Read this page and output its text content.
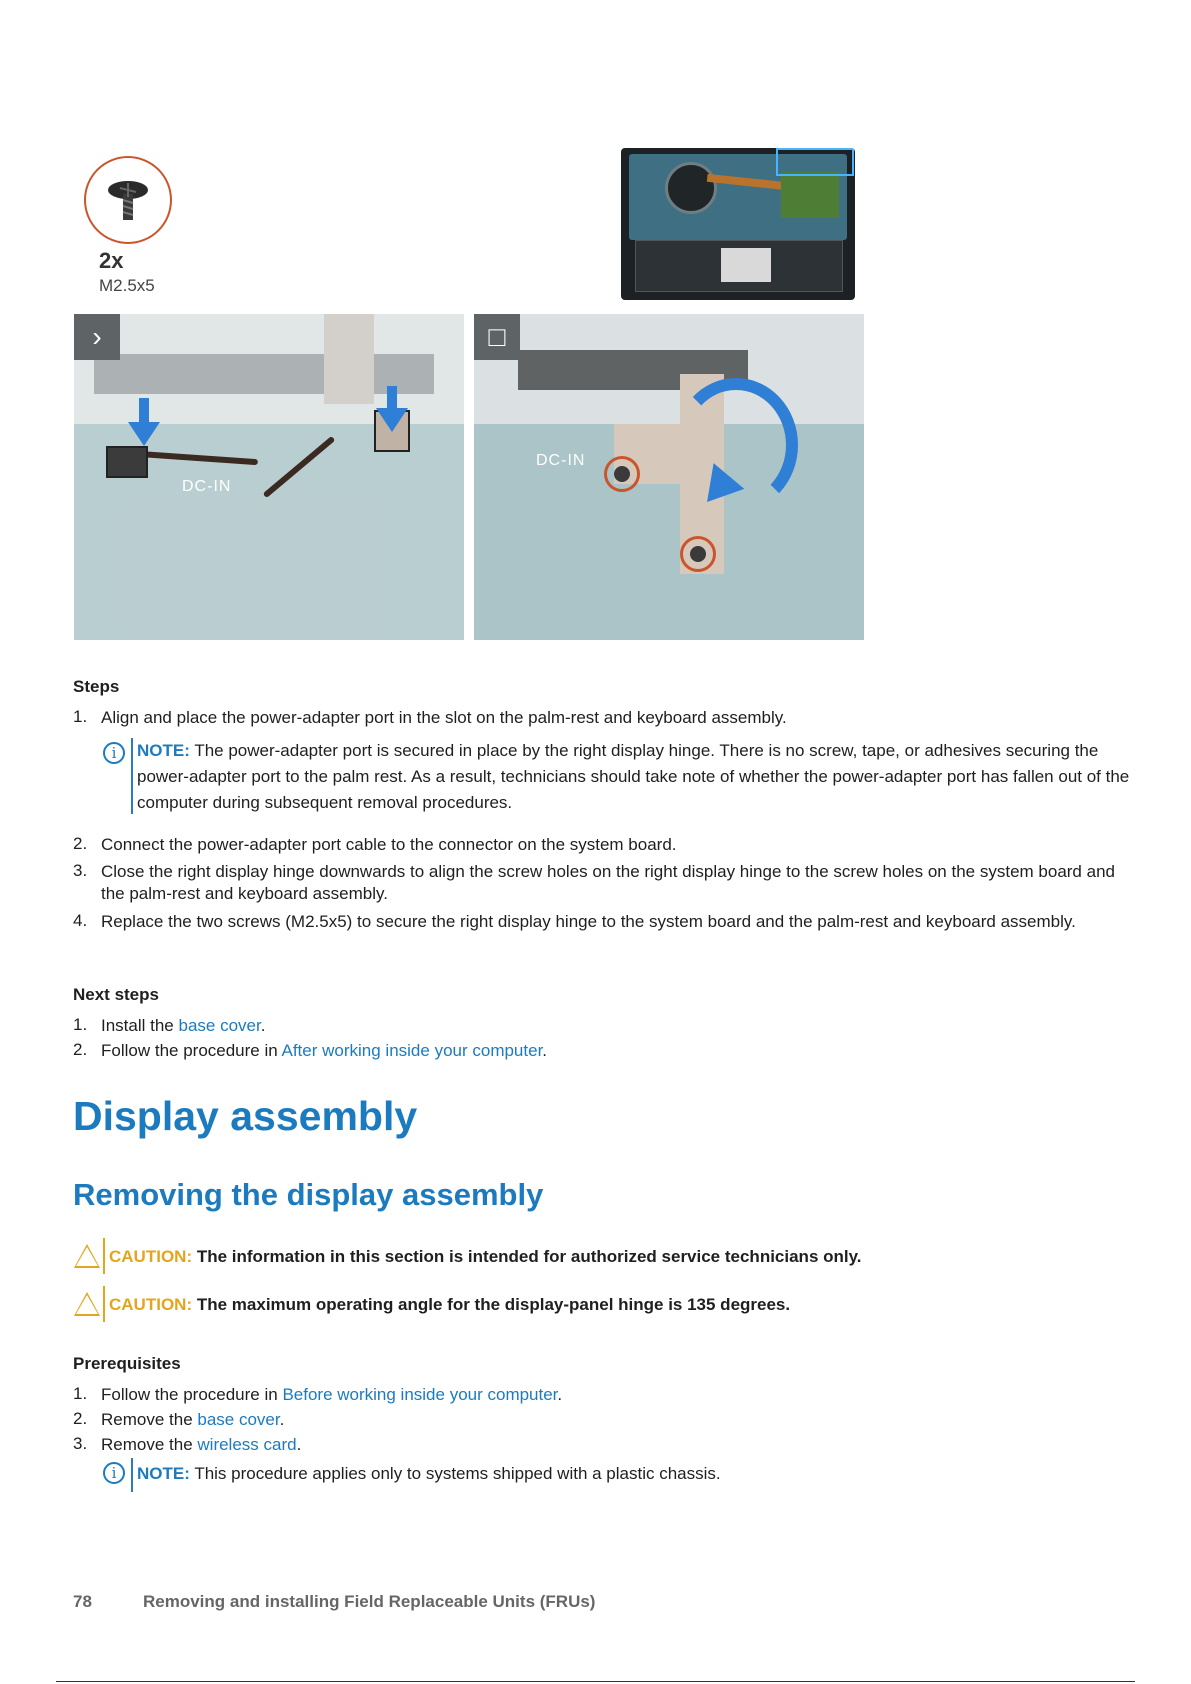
2x
M2.5x5
DC-IN
›
DC-IN
□
Steps
1. Align and place the power-adapter port in the slot on the palm-rest and keyboard assembly.
i	NOTE: The power-adapter port is secured in place by the right display hinge. There is no screw, tape, or adhesives securing the power-adapter port to the palm rest. As a result, technicians should take note of whether the power-adapter port has fallen out of the computer during subsequent removal procedures.
2. Connect the power-adapter port cable to the connector on the system board.
3. Close the right display hinge downwards to align the screw holes on the right display hinge to the screw holes on the system board and the palm-rest and keyboard assembly.
4. Replace the two screws (M2.5x5) to secure the right display hinge to the system board and the palm-rest and keyboard assembly.
Next steps
1. Install the base cover.
2. Follow the procedure in After working inside your computer.
Display assembly
Removing the display assembly
CAUTION: The information in this section is intended for authorized service technicians only.
CAUTION: The maximum operating angle for the display-panel hinge is 135 degrees.
Prerequisites
1. Follow the procedure in Before working inside your computer.
2. Remove the base cover.
3. Remove the wireless card.
i	NOTE: This procedure applies only to systems shipped with a plastic chassis.
78	Removing and installing Field Replaceable Units (FRUs)
